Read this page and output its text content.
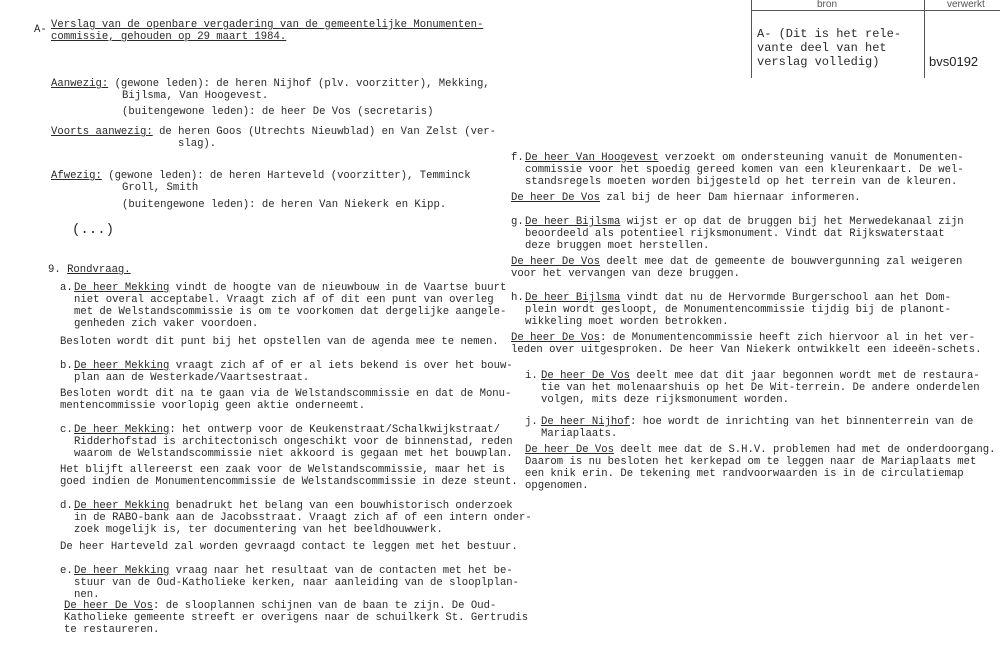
bron	verwerkt
A- (Dit is het rele-
vante deel van het
verslag volledig)	bvs0192
A- Verslag van de openbare vergadering van de gemeentelijke Monumenten-
commissie, gehouden op 29 maart 1984.
Aanwezig: (gewone leden): de heren Nijhof (plv. voorzitter), Mekking,
Bijlsma, Van Hoogevest.
(buitengewone leden): de heer De Vos (secretaris)
Voorts aanwezig: de heren Goos (Utrechts Nieuwblad) en Van Zelst (ver-
slag).
Afwezig: (gewone leden): de heren Harteveld (voorzitter), Temminck
Groll, Smith
(buitengewone leden): de heren Van Niekerk en Kipp.
(...)
9. Rondvraag.
a. De heer Mekking vindt de hoogte van de nieuwbouw in de Vaartse buurt
niet overal acceptabel. Vraagt zich af of dit een punt van overleg
met de Welstandscommissie is om te voorkomen dat dergelijke aangele-
genheden zich vaker voordoen.
Besloten wordt dit punt bij het opstellen van de agenda mee te nemen.
b. De heer Mekking vraagt zich af of er al iets bekend is over het bouw-
plan aan de Westerkade/Vaartsestraat.
Besloten wordt dit na te gaan via de Welstandscommissie en dat de Monu-
mentencommissie voorlopig geen aktie onderneemt.
c. De heer Mekking: het ontwerp voor de Keukenstraat/Schalkwijkstraat/
Ridderhofstad is architectonisch ongeschikt voor de binnenstad, reden
waarom de Welstandscommissie niet akkoord is gegaan met het bouwplan.
Het blijft allereerst een zaak voor de Welstandscommissie, maar het is
goed indien de Monumentencommissie de Welstandscommissie in deze steunt.
d. De heer Mekking benadrukt het belang van een bouwhistorisch onderzoek
in de RABO-bank aan de Jacobsstraat. Vraagt zich af of een intern onder-
zoek mogelijk is, ter documentering van het beeldhouwwerk.
De heer Harteveld zal worden gevraagd contact te leggen met het bestuur.
e. De heer Mekking vraag naar het resultaat van de contacten met het be-
stuur van de Oud-Katholieke kerken, naar aanleiding van de slooplplan-
nen.
De heer De Vos: de slooplannen schijnen van de baan te zijn. De Oud-
Katholieke gemeente streeft er overigens naar de schuilkerk St. Gertrudis
te restaureren.
f. De heer Van Hoogevest verzoekt om ondersteuning vanuit de Monumenten-
commissie voor het spoedig gereed komen van een kleurenkaart. De wel-
standsregels moeten worden bijgesteld op het terrein van de kleuren.
De heer De Vos zal bij de heer Dam hiernaar informeren.
g. De heer Bijlsma wijst er op dat de bruggen bij het Merwedekanaal zijn
beoordeeld als potentieel rijksmonument. Vindt dat Rijkswaterstaat
deze bruggen moet herstellen.
De heer De Vos deelt mee dat de gemeente de bouwvergunning zal weigeren
voor het vervangen van deze bruggen.
h. De heer Bijlsma vindt dat nu de Hervormde Burgerschool aan het Dom-
plein wordt gesloopt, de Monumentencommissie tijdig bij de planont-
wikkeling moet worden betrokken.
De heer De Vos: de Monumentencommissie heeft zich hiervoor al in het ver-
leden over uitgesproken. De heer Van Niekerk ontwikkelt een ideeën-schets.
i. De heer De Vos deelt mee dat dit jaar begonnen wordt met de restaura-
tie van het molenaarshuis op het De Wit-terrein. De andere onderdelen
volgen, mits deze rijksmonument worden.
j. De heer Nijhof: hoe wordt de inrichting van het binnenterrein van de
Mariaplaats.
De heer De Vos deelt mee dat de S.H.V. problemen had met de onderdoorgang.
Daarom is nu besloten het kerkepad om te leggen naar de Mariaplaats met
een knik erin. De tekening met randvoorwaarden is in de circulatiemap
opgenomen.
